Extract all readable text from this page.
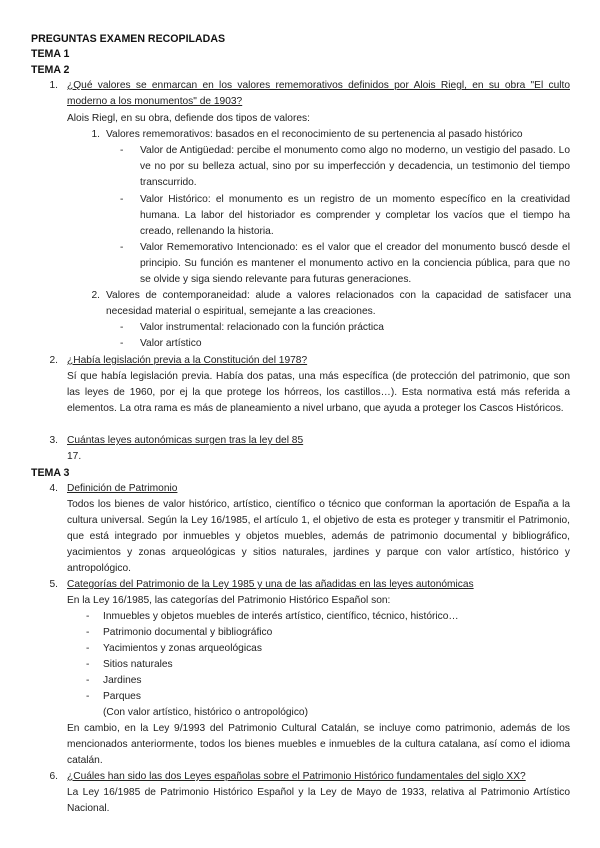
PREGUNTAS EXAMEN RECOPILADAS
TEMA 1
TEMA 2
1. ¿Qué valores se enmarcan en los valores rememorativos definidos por Alois Riegl, en su obra "El culto moderno a los monumentos" de 1903?
Alois Riegl, en su obra, defiende dos tipos de valores:
1. Valores rememorativos: basados en el reconocimiento de su pertenencia al pasado histórico
- Valor de Antigüedad: percibe el monumento como algo no moderno, un vestigio del pasado. Lo ve no por su belleza actual, sino por su imperfección y decadencia, un testimonio del tiempo transcurrido.
- Valor Histórico: el monumento es un registro de un momento específico en la creatividad humana. La labor del historiador es comprender y completar los vacíos que el tiempo ha creado, rellenando la historia.
- Valor Rememorativo Intencionado: es el valor que el creador del monumento buscó desde el principio. Su función es mantener el monumento activo en la conciencia pública, para que no se olvide y siga siendo relevante para futuras generaciones.
2. Valores de contemporaneidad: alude a valores relacionados con la capacidad de satisfacer una necesidad material o espiritual, semejante a las creaciones.
- Valor instrumental: relacionado con la función práctica
- Valor artístico
2. ¿Había legislación previa a la Constitución del 1978?
Sí que había legislación previa. Había dos patas, una más específica (de protección del patrimonio, que son las leyes de 1960, por ej la que protege los hórreos, los castillos…). Esta normativa está más referida a elementos. La otra rama es más de planeamiento a nivel urbano, que ayuda a proteger los Cascos Históricos.
3. Cuántas leyes autonómicas surgen tras la ley del 85
17.
TEMA 3
4. Definición de Patrimonio
Todos los bienes de valor histórico, artístico, científico o técnico que conforman la aportación de España a la cultura universal. Según la Ley 16/1985, el artículo 1, el objetivo de esta es proteger y transmitir el Patrimonio, que está integrado por inmuebles y objetos muebles, además de patrimonio documental y bibliográfico, yacimientos y zonas arqueológicas y sitios naturales, jardines y parque con valor artístico, histórico y antropológico.
5. Categorías del Patrimonio de la Ley 1985 y una de las añadidas en las leyes autonómicas
En la Ley 16/1985, las categorías del Patrimonio Histórico Español son:
- Inmuebles y objetos muebles de interés artístico, científico, técnico, histórico…
- Patrimonio documental y bibliográfico
- Yacimientos y zonas arqueológicas
- Sitios naturales
- Jardines
- Parques
(Con valor artístico, histórico o antropológico)
En cambio, en la Ley 9/1993 del Patrimonio Cultural Catalán, se incluye como patrimonio, además de los mencionados anteriormente, todos los bienes muebles e inmuebles de la cultura catalana, así como el idioma catalán.
6. ¿Cuáles han sido las dos Leyes españolas sobre el Patrimonio Histórico fundamentales del siglo XX?
La Ley 16/1985 de Patrimonio Histórico Español y la Ley de Mayo de 1933, relativa al Patrimonio Artístico Nacional.
